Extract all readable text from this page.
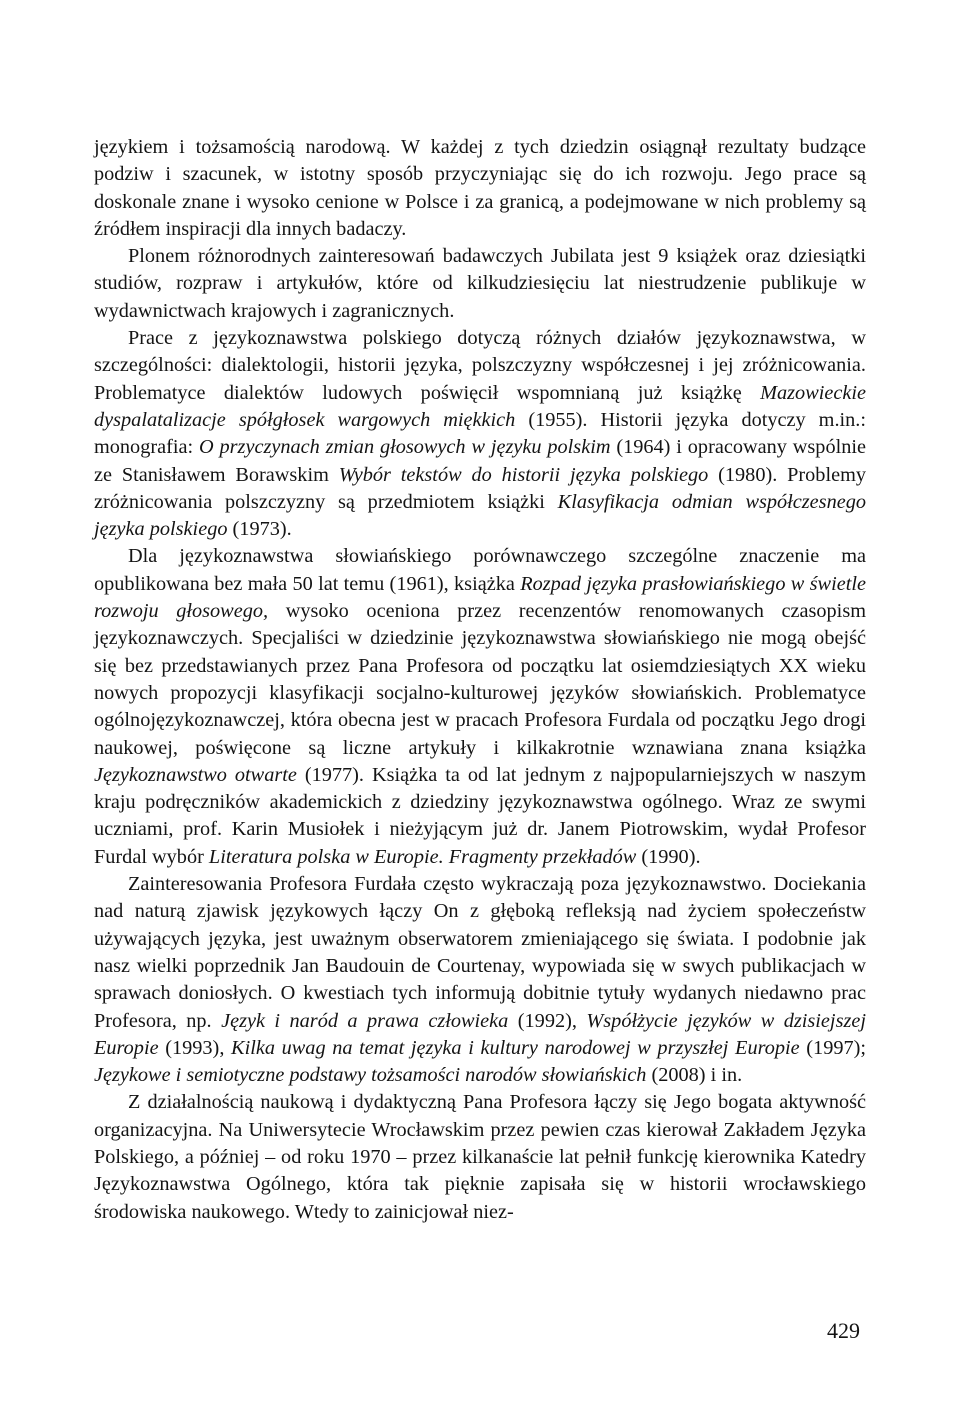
językiem i tożsamością narodową. W każdej z tych dziedzin osiągnął rezultaty budzące podziw i szacunek, w istotny sposób przyczyniając się do ich rozwoju. Jego prace są doskonale znane i wysoko cenione w Polsce i za granicą, a podejmowane w nich problemy są źródłem inspiracji dla innych badaczy.

Plonem różnorodnych zainteresowań badawczych Jubilata jest 9 książek oraz dziesiątki studiów, rozpraw i artykułów, które od kilkudziesięciu lat niestrudzenie publikuje w wydawnictwach krajowych i zagranicznych.

Prace z językoznawstwa polskiego dotyczą różnych działów językoznawstwa, w szczególności: dialektologii, historii języka, polszczyzny współczesnej i jej zróżnicowania. Problematyce dialektów ludowych poświęcił wspomnianą już książkę Mazowieckie dyspalatalizacje spółgłosek wargowych miękkich (1955). Historii języka dotyczy m.in.: monografia: O przyczynach zmian głosowych w języku polskim (1964) i opracowany wspólnie ze Stanisławem Borawskim Wybór tekstów do historii języka polskiego (1980). Problemy zróżnicowania polszczyzny są przedmiotem książki Klasyfikacja odmian współczesnego języka polskiego (1973).

Dla językoznawstwa słowiańskiego porównawczego szczególne znaczenie ma opublikowana bez mała 50 lat temu (1961), książka Rozpad języka prasłowiańskiego w świetle rozwoju głosowego, wysoko oceniona przez recenzentów renomowanych czasopism językoznawczych. Specjaliści w dziedzinie językoznawstwa słowiańskiego nie mogą obejść się bez przedstawianych przez Pana Profesora od początku lat osiemdziesiątych XX wieku nowych propozycji klasyfikacji socjalno-kulturowej języków słowiańskich. Problematyce ogólnojęzykoznawczej, która obecna jest w pracach Profesora Furdala od początku Jego drogi naukowej, poświęcone są liczne artykuły i kilkakrotnie wznawiana znana książka Językoznawstwo otwarte (1977). Książka ta od lat jednym z najpopularniejszych w naszym kraju podręczników akademickich z dziedziny językoznawstwa ogólnego. Wraz ze swymi uczniami, prof. Karin Musiołek i nieżyjącym już dr. Janem Piotrowskim, wydał Profesor Furdal wybór Literatura polska w Europie. Fragmenty przekładów (1990).

Zainteresowania Profesora Furdała często wykraczają poza językoznawstwo. Dociekania nad naturą zjawisk językowych łączy On z głęboką refleksją nad życiem społeczeństw używających języka, jest uważnym obserwatorem zmieniającego się świata. I podobnie jak nasz wielki poprzednik Jan Baudouin de Courtenay, wypowiada się w swych publikacjach w sprawach doniosłych. O kwestiach tych informują dobitnie tytuły wydanych niedawno prac Profesora, np. Język i naród a prawa człowieka (1992), Współżycie języków w dzisiejszej Europie (1993), Kilka uwag na temat języka i kultury narodowej w przyszłej Europie (1997); Językowe i semiotyczne podstawy tożsamości narodów słowiańskich (2008) i in.

Z działalnością naukową i dydaktyczną Pana Profesora łączy się Jego bogata aktywność organizacyjna. Na Uniwersytecie Wrocławskim przez pewien czas kierował Zakładem Języka Polskiego, a później – od roku 1970 – przez kilkanaście lat pełnił funkcję kierownika Katedry Językoznawstwa Ogólnego, która tak pięknie zapisała się w historii wrocławskiego środowiska naukowego. Wtedy to zainicjował niez-

429
